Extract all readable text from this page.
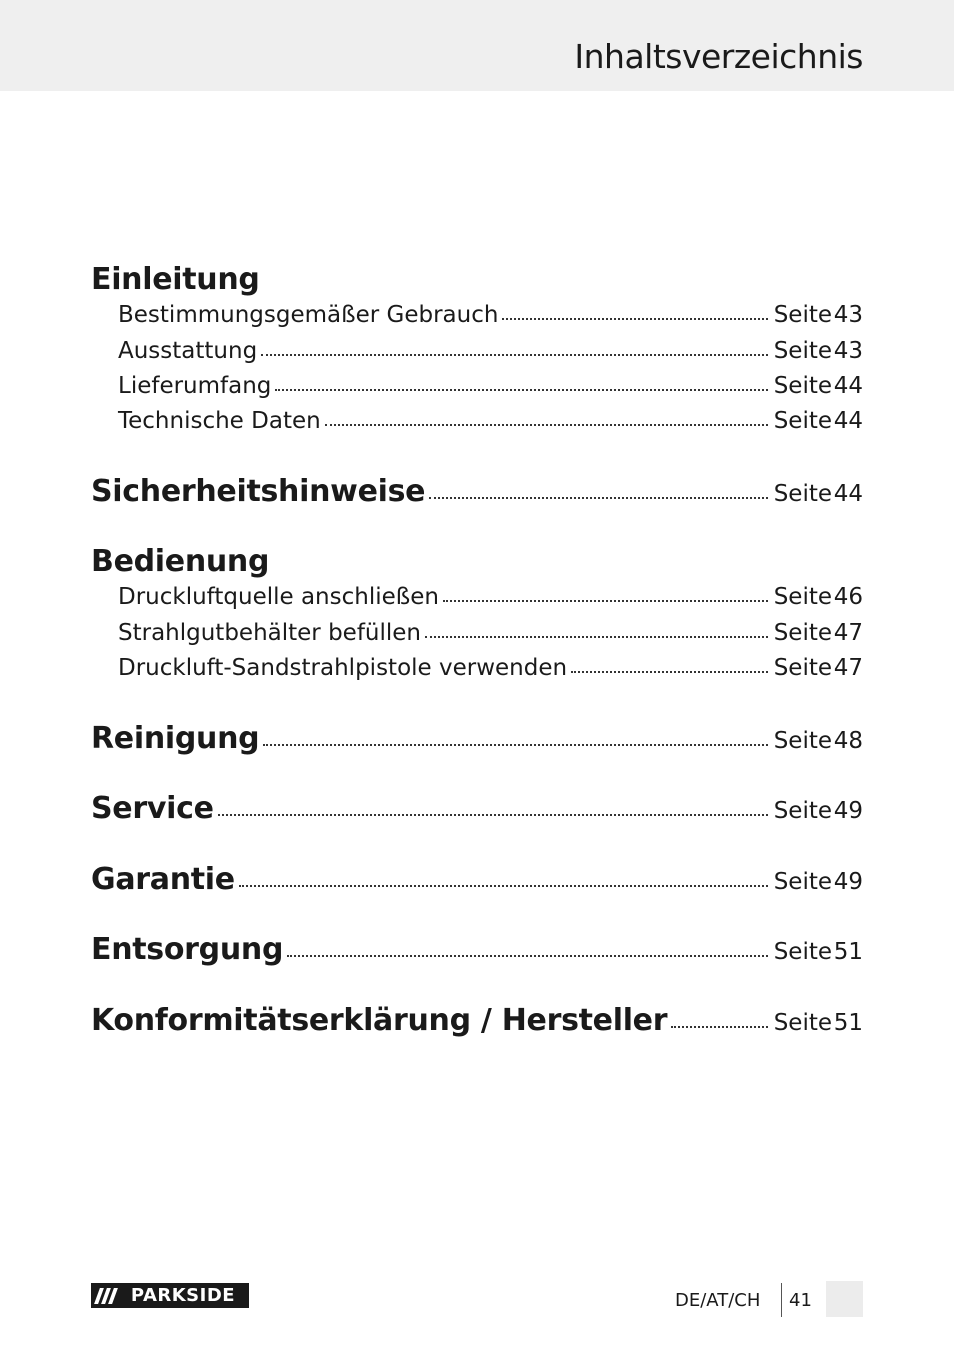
Inhaltsverzeichnis
Einleitung
Bestimmungsgemäßer Gebrauch	Seite 43
Ausstattung	Seite 43
Lieferumfang	Seite 44
Technische Daten	Seite 44
Sicherheitshinweise	Seite 44
Bedienung
Druckluftquelle anschließen	Seite 46
Strahlgutbehälter befüllen	Seite 47
Druckluft-Sandstrahlpistole verwenden	Seite 47
Reinigung	Seite 48
Service	Seite 49
Garantie	Seite 49
Entsorgung	Seite 51
Konformitätserklärung / Hersteller	Seite 51
PARKSIDE	DE/AT/CH 41
